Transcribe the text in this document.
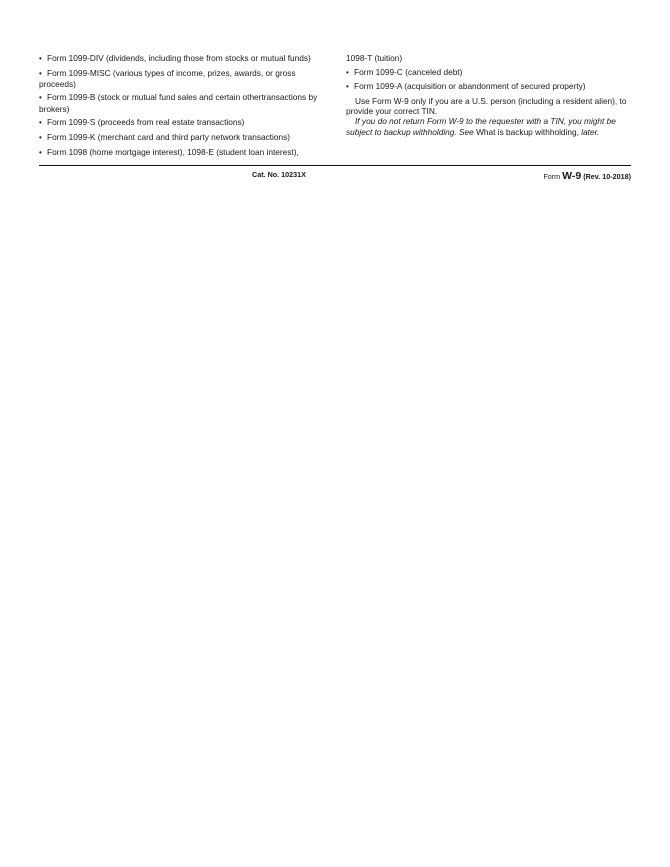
• Form 1099-DIV (dividends, including those from stocks or mutual funds)
• Form 1099-MISC (various types of income, prizes, awards, or gross proceeds)
• Form 1099-B (stock or mutual fund sales and certain othertransactions by brokers)
• Form 1099-S (proceeds from real estate transactions)
• Form 1099-K (merchant card and third party network transactions)
• Form 1098 (home mortgage interest), 1098-E (student loan interest),
1098-T (tuition)
• Form 1099-C (canceled debt)
• Form 1099-A (acquisition or abandonment of secured property)

Use Form W-9 only if you are a U.S. person (including a resident alien), to provide your correct TIN.

If you do not return Form W-9 to the requester with a TIN, you might be subject to backup withholding. See What is backup withholding, later.

Cat. No. 10231X	Form W-9 (Rev. 10-2018)
